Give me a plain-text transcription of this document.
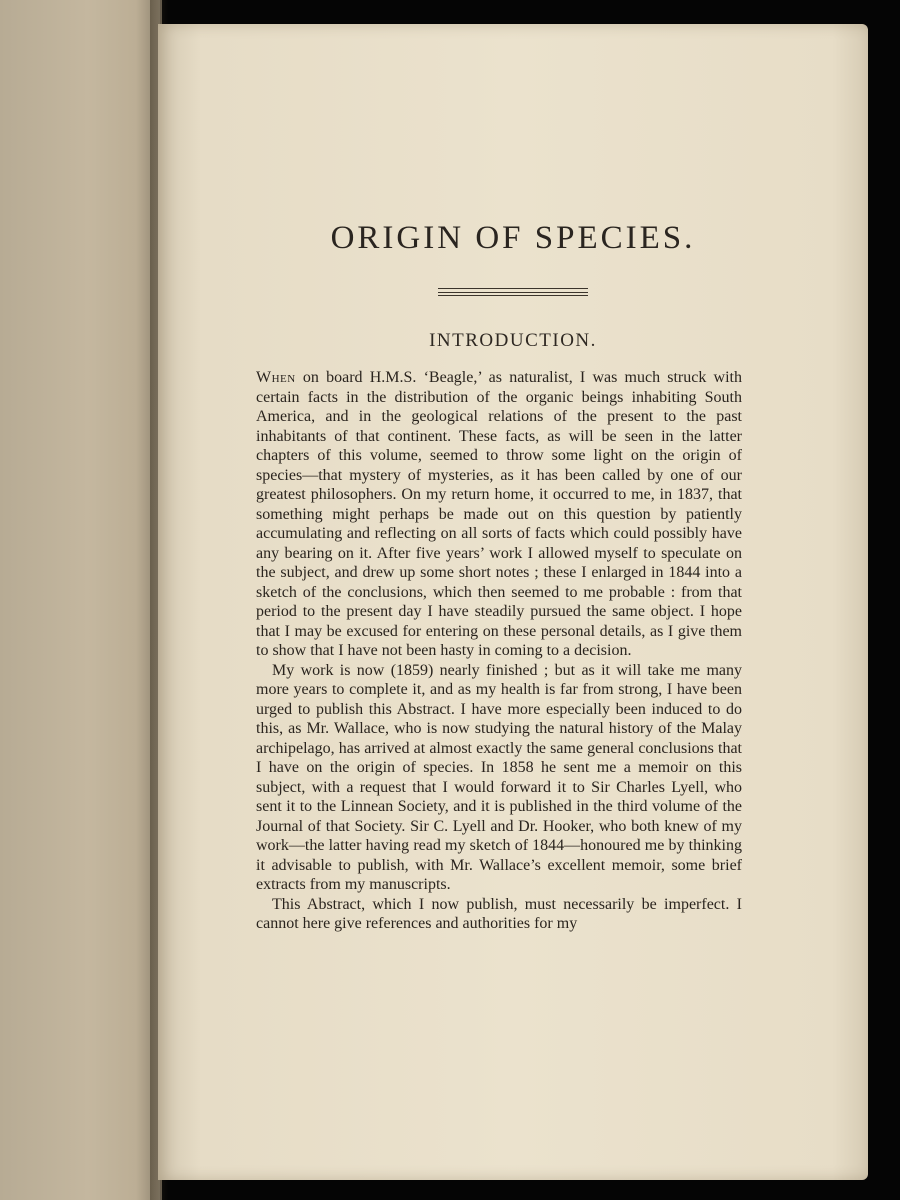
ORIGIN OF SPECIES.
INTRODUCTION.

When on board H.M.S. ‘Beagle,’ as naturalist, I was much struck with certain facts in the distribution of the organic beings inhabiting South America, and in the geological relations of the present to the past inhabitants of that continent. These facts, as will be seen in the latter chapters of this volume, seemed to throw some light on the origin of species—that mystery of mysteries, as it has been called by one of our greatest philosophers. On my return home, it occurred to me, in 1837, that something might perhaps be made out on this question by patiently accumulating and reflecting on all sorts of facts which could possibly have any bearing on it. After five years’ work I allowed myself to speculate on the subject, and drew up some short notes ; these I enlarged in 1844 into a sketch of the conclusions, which then seemed to me probable : from that period to the present day I have steadily pursued the same object. I hope that I may be excused for entering on these personal details, as I give them to show that I have not been hasty in coming to a decision.

My work is now (1859) nearly finished ; but as it will take me many more years to complete it, and as my health is far from strong, I have been urged to publish this Abstract. I have more especially been induced to do this, as Mr. Wallace, who is now studying the natural history of the Malay archipelago, has arrived at almost exactly the same general conclusions that I have on the origin of species. In 1858 he sent me a memoir on this subject, with a request that I would forward it to Sir Charles Lyell, who sent it to the Linnean Society, and it is published in the third volume of the Journal of that Society. Sir C. Lyell and Dr. Hooker, who both knew of my work—the latter having read my sketch of 1844—honoured me by thinking it advisable to publish, with Mr. Wallace’s excellent memoir, some brief extracts from my manuscripts.

This Abstract, which I now publish, must necessarily be imperfect. I cannot here give references and authorities for my
